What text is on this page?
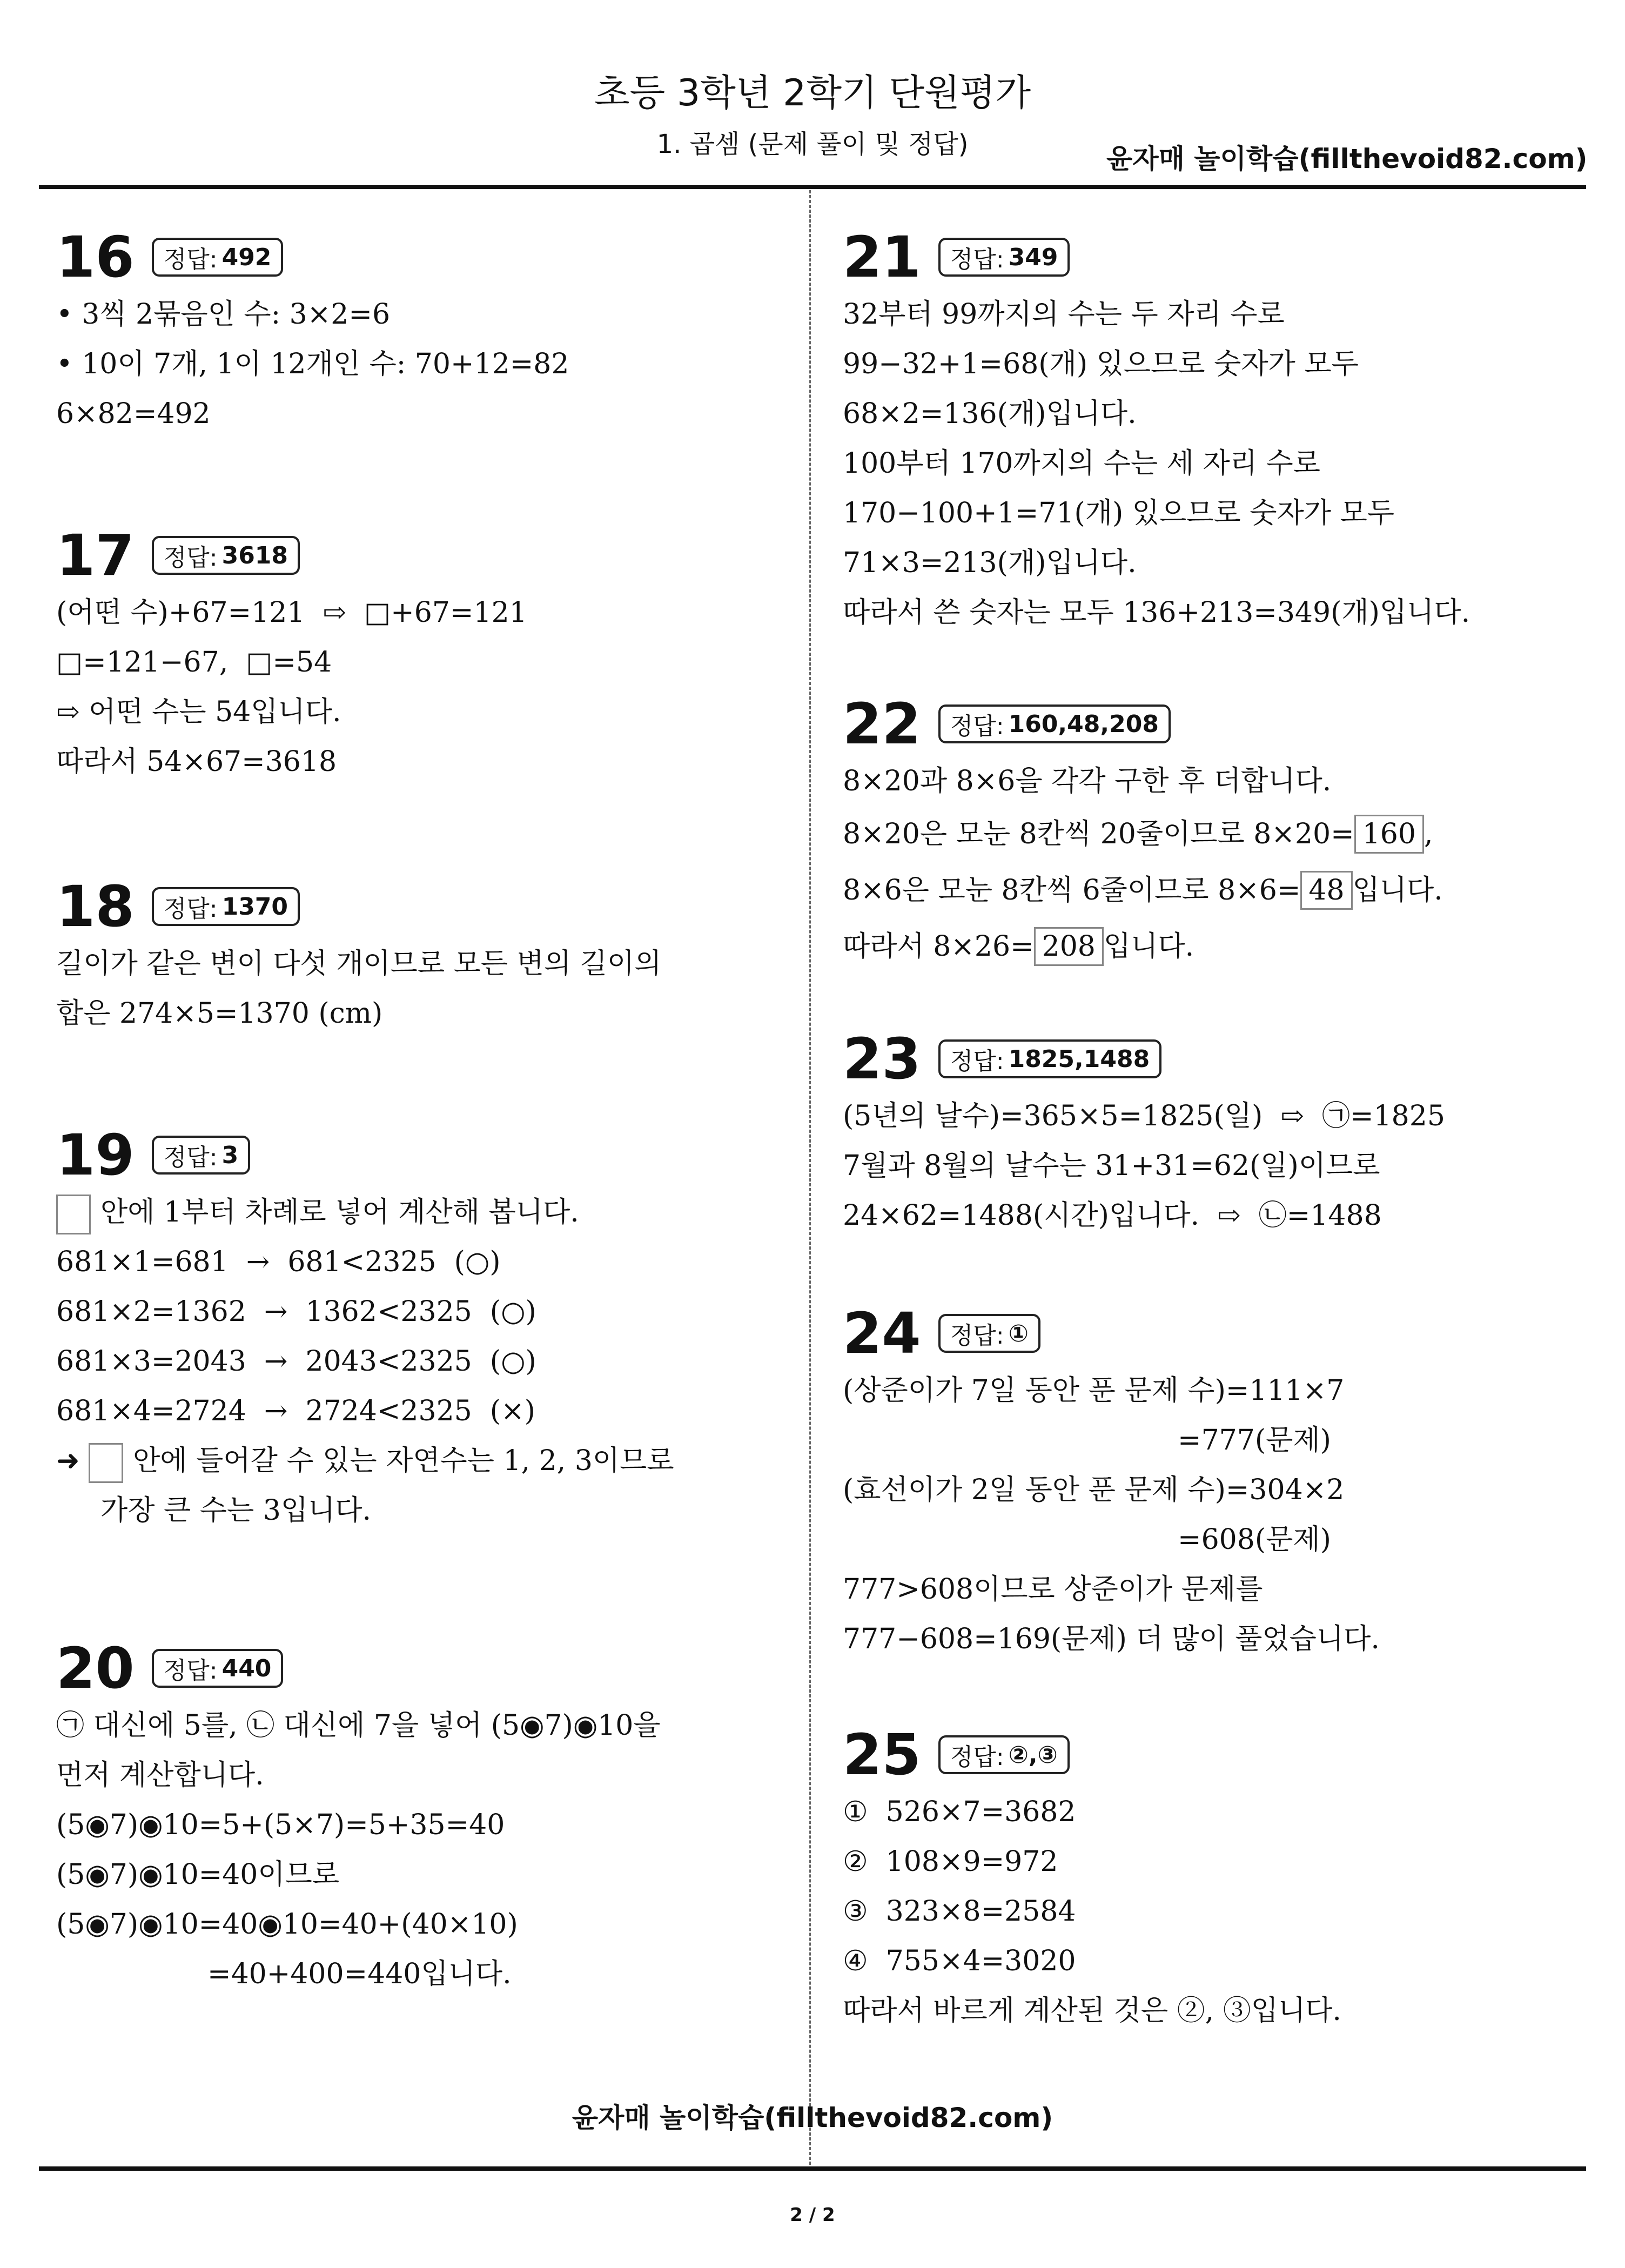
초등 3학년 2학기 단원평가
1. 곱셈 (문제 풀이 및 정답)	윤자매 놀이학습(fillthevoid82.com)
16 정답: 492
• 3씩 2묶음인 수: 3×2=6
• 10이 7개, 1이 12개인 수: 70+12=82
6×82=492
17 정답: 3618
(어떤 수)+67=121  ⇨  □+67=121
□=121−67,  □=54
⇨ 어떤 수는 54입니다.
따라서 54×67=3618
18 정답: 1370
길이가 같은 변이 다섯 개이므로 모든 변의 길이의
합은 274×5=1370 (cm)
19 정답: 3
안에 1부터 차례로 넣어 계산해 봅니다.
681×1=681  →  681<2325  (○)
681×2=1362  →  1362<2325  (○)
681×3=2043  →  2043<2325  (○)
681×4=2724  →  2724<2325  (×)
➜ 안에 들어갈 수 있는 자연수는 1, 2, 3이므로
가장 큰 수는 3입니다.
20 정답: 440
㉠ 대신에 5를, ㉡ 대신에 7을 넣어 (5◉7)◉10을
먼저 계산합니다.
(5◉7)◉10=5+(5×7)=5+35=40
(5◉7)◉10=40이므로
(5◉7)◉10=40◉10=40+(40×10)
=40+400=440입니다.
21 정답: 349
32부터 99까지의 수는 두 자리 수로
99−32+1=68(개) 있으므로 숫자가 모두
68×2=136(개)입니다.
100부터 170까지의 수는 세 자리 수로
170−100+1=71(개) 있으므로 숫자가 모두
71×3=213(개)입니다.
따라서 쓴 숫자는 모두 136+213=349(개)입니다.
22 정답: 160,48,208
8×20과 8×6을 각각 구한 후 더합니다.
8×20은 모눈 8칸씩 20줄이므로 8×20= 160 ,
8×6은 모눈 8칸씩 6줄이므로 8×6= 48 입니다.
따라서 8×26= 208 입니다.
23 정답: 1825,1488
(5년의 날수)=365×5=1825(일)  ⇨  ㉠=1825
7월과 8월의 날수는 31+31=62(일)이므로
24×62=1488(시간)입니다.  ⇨  ㉡=1488
24 정답: ①
(상준이가 7일 동안 푼 문제 수)=111×7
=777(문제)
(효선이가 2일 동안 푼 문제 수)=304×2
=608(문제)
777>608이므로 상준이가 문제를
777−608=169(문제) 더 많이 풀었습니다.
25 정답: ②,③
①  526×7=3682
②  108×9=972
③  323×8=2584
④  755×4=3020
따라서 바르게 계산된 것은 ②, ③입니다.
윤자매 놀이학습(fillthevoid82.com)
2 / 2
